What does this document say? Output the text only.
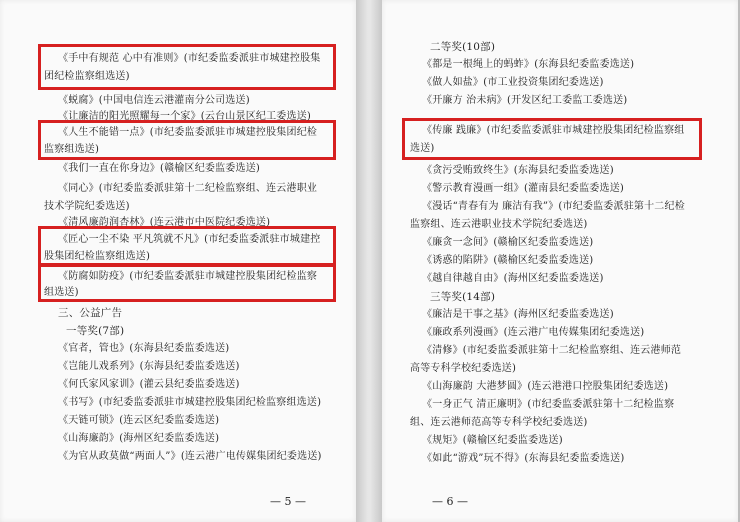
《手中有规范 心中有准则》(市纪委监委派驻市城建控股集
团纪检监察组选送)
《蜕腐》(中国电信连云港灌南分公司选送)
《让廉洁的阳光照耀每一个家》(云台山景区纪工委选送)
《人生不能错一点》(市纪委监委派驻市城建控股集团纪检
监察组选送)
《我们一直在你身边》(赣榆区纪委监委选送)
《同心》(市纪委监委派驻第十二纪检监察组、连云港职业
技术学院纪委选送)
《清风廉韵润杏林》(连云港市中医院纪委选送)
《匠心一尘不染 平凡筑就不凡》(市纪委监委派驻市城建控
股集团纪检监察组选送)
《防腐如防疫》(市纪委监委派驻市城建控股集团纪检监察
组选送)
三、公益广告
一等奖(7部)
《官者，管也》(东海县纪委监委选送)
《岂能儿戏系列》(东海县纪委监委选送)
《何氏家风家训》(灌云县纪委监委选送)
《书写》(市纪委监委派驻市城建控股集团纪检监察组选送)
《天链可锁》(连云区纪委监委选送)
《山海廉韵》(海州区纪委监委选送)
《为官从政莫做“两面人”》(连云港广电传媒集团纪委选送)
— 5 —
二等奖(10部)
《都是一根绳上的蚂蚱》(东海县纪委监委选送)
《做人如盐》(市工业投资集团纪委选送)
《开廉方 治未病》(开发区纪工委监工委选送)
《传廉 践廉》(市纪委监委派驻市城建控股集团纪检监察组
选送)
《贪污受贿致终生》(东海县纪委监委选送)
《警示教育漫画一组》(灌南县纪委监委选送)
《漫话“青春有为 廉洁有我”》(市纪委监委派驻第十二纪检
监察组、连云港职业技术学院纪委选送)
《廉贪一念间》(赣榆区纪委监委选送)
《诱惑的陷阱》(赣榆区纪委监委选送)
《越自律越自由》(海州区纪委监委选送)
三等奖(14部)
《廉洁是干事之基》(海州区纪委监委选送)
《廉政系列漫画》(连云港广电传媒集团纪委选送)
《清修》(市纪委监委派驻第十二纪检监察组、连云港师范
高等专科学校纪委选送)
《山海廉韵 大港梦圆》(连云港港口控股集团纪委选送)
《一身正气 清正廉明》(市纪委监委派驻第十二纪检监察
组、连云港师范高等专科学校纪委选送)
《规矩》(赣榆区纪委监委选送)
《如此“游戏”玩不得》(东海县纪委监委选送)
— 6 —
